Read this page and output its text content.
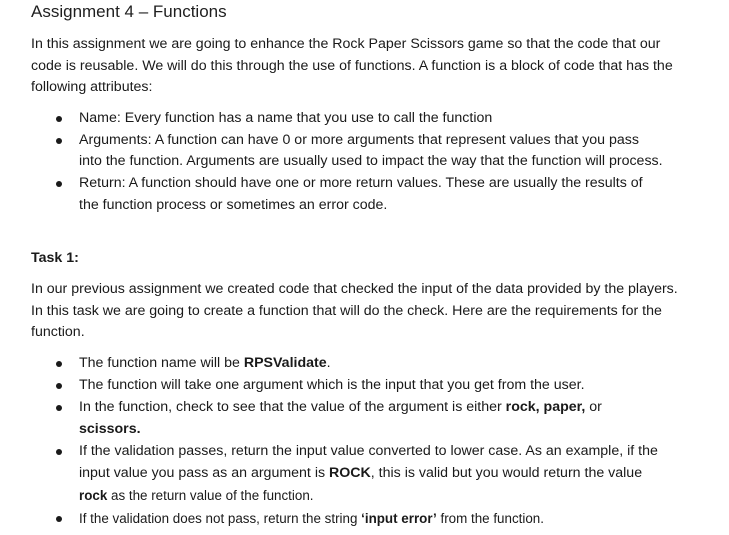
Assignment 4 – Functions

In this assignment we are going to enhance the Rock Paper Scissors game so that the code that our code is reusable. We will do this through the use of functions. A function is a block of code that has the following attributes:

Name: Every function has a name that you use to call the function
Arguments: A function can have 0 or more arguments that represent values that you pass into the function. Arguments are usually used to impact the way that the function will process.
Return: A function should have one or more return values. These are usually the results of the function process or sometimes an error code.
Task 1:

In our previous assignment we created code that checked the input of the data provided by the players. In this task we are going to create a function that will do the check. Here are the requirements for the function.

The function name will be RPSValidate.
The function will take one argument which is the input that you get from the user.
In the function, check to see that the value of the argument is either rock, paper, or scissors.
If the validation passes, return the input value converted to lower case. As an example, if the input value you pass as an argument is ROCK, this is valid but you would return the value rock as the return value of the function.
If the validation does not pass, return the string ‘input error’ from the function.
